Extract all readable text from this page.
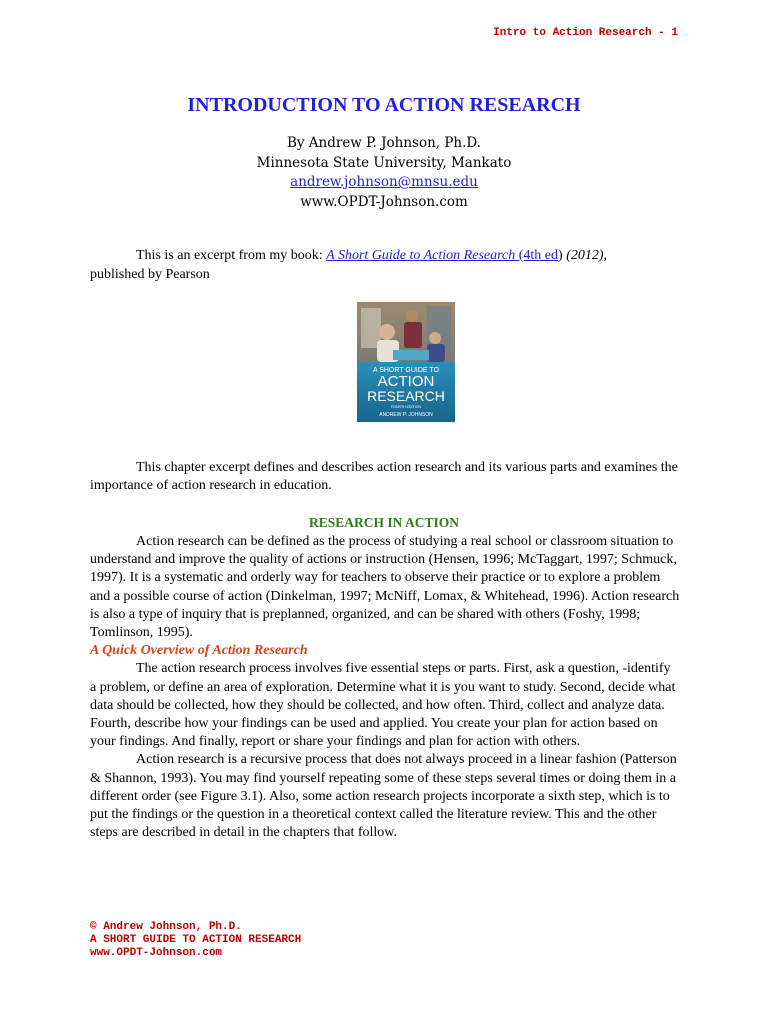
Intro to Action Research - 1
INTRODUCTION TO ACTION RESEARCH
By Andrew P. Johnson, Ph.D.
Minnesota State University, Mankato
andrew.johnson@mnsu.edu
www.OPDT-Johnson.com
This is an excerpt from my book: A Short Guide to Action Research (4th ed) (2012),
published by Pearson
A SHORT GUIDE TO
ACTION
RESEARCH
FOURTH EDITION
ANDREW P. JOHNSON

This chapter excerpt defines and describes action research and its various parts and examines the importance of action research in education.

RESEARCH IN ACTION

Action research can be defined as the process of studying a real school or classroom situation to understand and improve the quality of actions or instruction (Hensen, 1996; McTaggart, 1997; Schmuck, 1997). It is a systematic and orderly way for teachers to observe their practice or to explore a problem and a possible course of action (Dinkelman, 1997; McNiff, Lomax, & Whitehead, 1996). Action research is also a type of inquiry that is preplanned, organized, and can be shared with others (Foshy, 1998; Tomlinson, 1995).

A Quick Overview of Action Research

The action research process involves five essential steps or parts. First, ask a question, -identify a problem, or define an area of exploration. Determine what it is you want to study. Second, decide what data should be collected, how they should be collected, and how often. Third, collect and analyze data. Fourth, describe how your findings can be used and applied. You create your plan for action based on your findings. And finally, report or share your findings and plan for action with others.

Action research is a recursive process that does not always proceed in a linear fashion (Patterson & Shannon, 1993). You may find yourself repeating some of these steps several times or doing them in a different order (see Figure 3.1). Also, some action research projects incorporate a sixth step, which is to put the findings or the question in a theoretical context called the literature review. This and the other steps are described in detail in the chapters that follow.

© Andrew Johnson, Ph.D.
A SHORT GUIDE TO ACTION RESEARCH
www.OPDT-Johnson.com
